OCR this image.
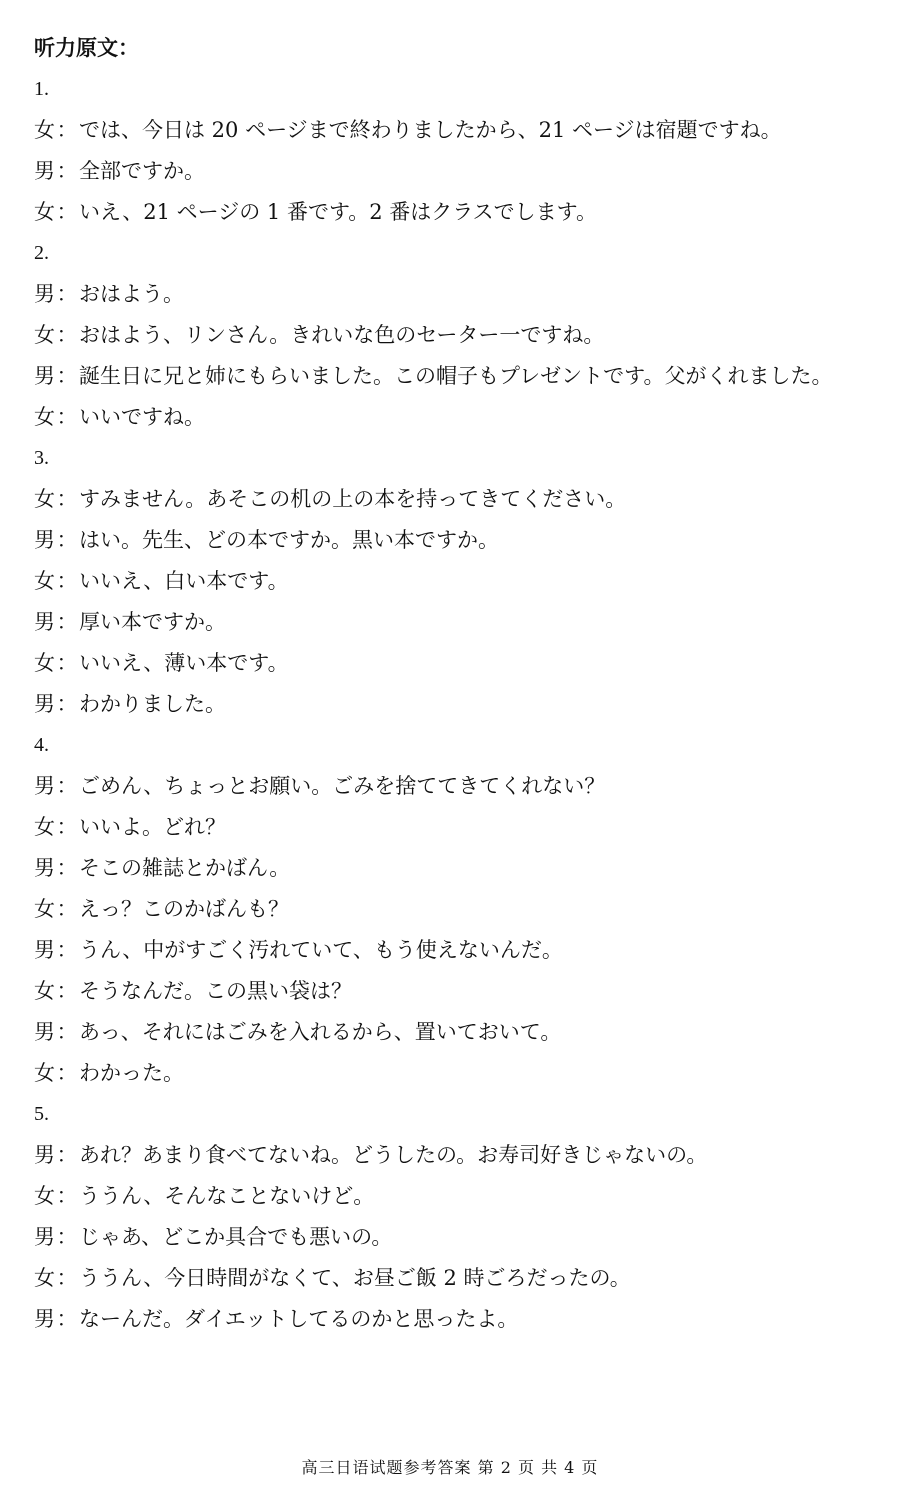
听力原文：
1.
女：では、今日は 20 ページまで終わりましたから、21 ページは宿題ですね。
男：全部ですか。
女：いえ、21 ページの 1 番です。2 番はクラスでします。
2.
男：おはよう。
女：おはよう、リンさん。きれいな色のセーター一ですね。
男：誕生日に兄と姉にもらいました。この帽子もプレゼントです。父がくれました。
女：いいですね。
3.
女：すみません。あそこの机の上の本を持ってきてください。
男：はい。先生、どの本ですか。黒い本ですか。
女：いいえ、白い本です。
男：厚い本ですか。
女：いいえ、薄い本です。
男：わかりました。
4.
男：ごめん、ちょっとお願い。ごみを捨ててきてくれない？
女：いいよ。どれ？
男：そこの雑誌とかばん。
女：えっ？このかばんも？
男：うん、中がすごく汚れていて、もう使えないんだ。
女：そうなんだ。この黒い袋は？
男：あっ、それにはごみを入れるから、置いておいて。
女：わかった。
5.
男：あれ？あまり食べてないね。どうしたの。お寿司好きじゃないの。
女：ううん、そんなことないけど。
男：じゃあ、どこか具合でも悪いの。
女：ううん、今日時間がなくて、お昼ご飯 2 時ごろだったの。
男：なーんだ。ダイエットしてるのかと思ったよ。
高三日语试题参考答案 第 2 页 共 4 页
